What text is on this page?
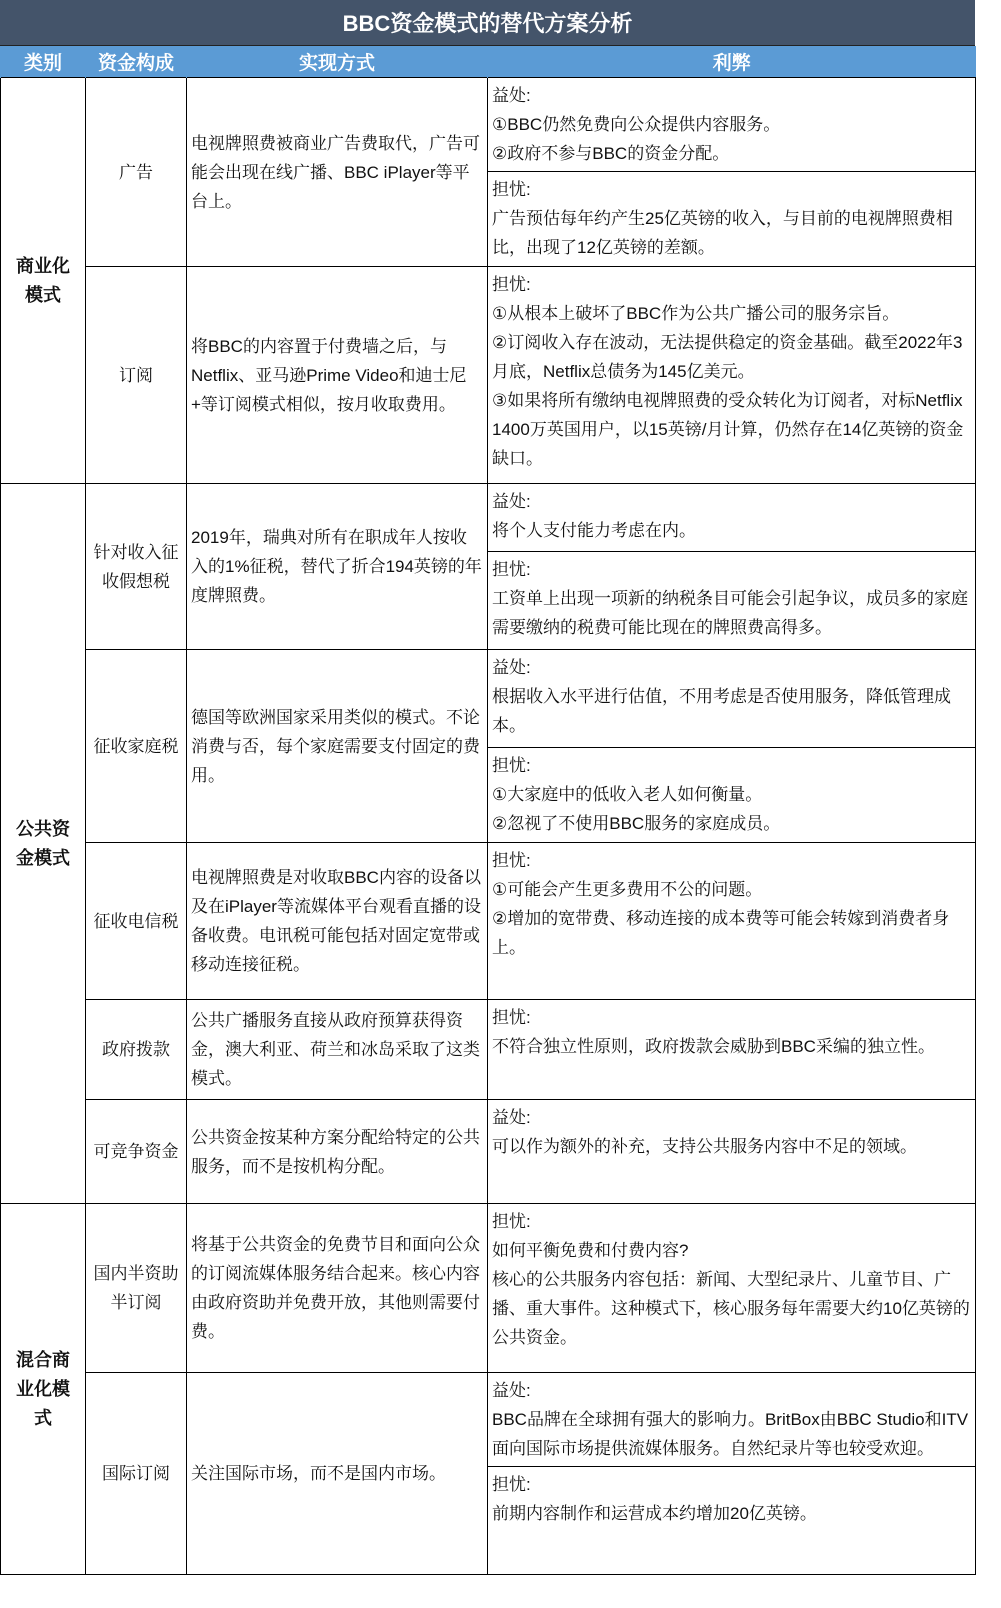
BBC资金模式的替代方案分析
类别	资金构成	实现方式	利弊
商业化模式	广告	电视牌照费被商业广告费取代，广告可能会出现在线广播、BBC iPlayer等平台上。	益处:

①BBC仍然免费向公众提供内容服务。

②政府不参与BBC的资金分配。

			担忧:

广告预估每年约产生25亿英镑的收入，与目前的电视牌照费相比，出现了12亿英镑的差额。

	订阅	将BBC的内容置于付费墙之后，与Netflix、亚马逊Prime Video和迪士尼+等订阅模式相似，按月收取费用。	担忧:

①从根本上破坏了BBC作为公共广播公司的服务宗旨。

②订阅收入存在波动，无法提供稳定的资金基础。截至2022年3月底，Netflix总债务为145亿美元。

③如果将所有缴纳电视牌照费的受众转化为订阅者，对标Netflix 1400万英国用户，以15英镑/月计算，仍然存在14亿英镑的资金缺口。

公共资金模式	针对收入征收假想税	2019年，瑞典对所有在职成年人按收入的1%征税，替代了折合194英镑的年度牌照费。	益处:

将个人支付能力考虑在内。

			担忧:

工资单上出现一项新的纳税条目可能会引起争议，成员多的家庭需要缴纳的税费可能比现在的牌照费高得多。

	征收家庭税	德国等欧洲国家采用类似的模式。不论消费与否，每个家庭需要支付固定的费用。	益处:

根据收入水平进行估值，不用考虑是否使用服务，降低管理成本。

			担忧:

①大家庭中的低收入老人如何衡量。

②忽视了不使用BBC服务的家庭成员。

	征收电信税	电视牌照费是对收取BBC内容的设备以及在iPlayer等流媒体平台观看直播的设备收费。电讯税可能包括对固定宽带或移动连接征税。	担忧:

①可能会产生更多费用不公的问题。

②增加的宽带费、移动连接的成本费等可能会转嫁到消费者身上。

	政府拨款	公共广播服务直接从政府预算获得资金，澳大利亚、荷兰和冰岛采取了这类模式。	担忧:

不符合独立性原则，政府拨款会威胁到BBC采编的独立性。

	可竞争资金	公共资金按某种方案分配给特定的公共服务，而不是按机构分配。	益处:

可以作为额外的补充，支持公共服务内容中不足的领域。

混合商业化模式	国内半资助半订阅	将基于公共资金的免费节目和面向公众的订阅流媒体服务结合起来。核心内容由政府资助并免费开放，其他则需要付费。	担忧:

如何平衡免费和付费内容?

核心的公共服务内容包括：新闻、大型纪录片、儿童节目、广播、重大事件。这种模式下，核心服务每年需要大约10亿英镑的公共资金。

	国际订阅	关注国际市场，而不是国内市场。	益处:

BBC品牌在全球拥有强大的影响力。BritBox由BBC Studio和ITV面向国际市场提供流媒体服务。自然纪录片等也较受欢迎。

			担忧:

前期内容制作和运营成本约增加20亿英镑。
